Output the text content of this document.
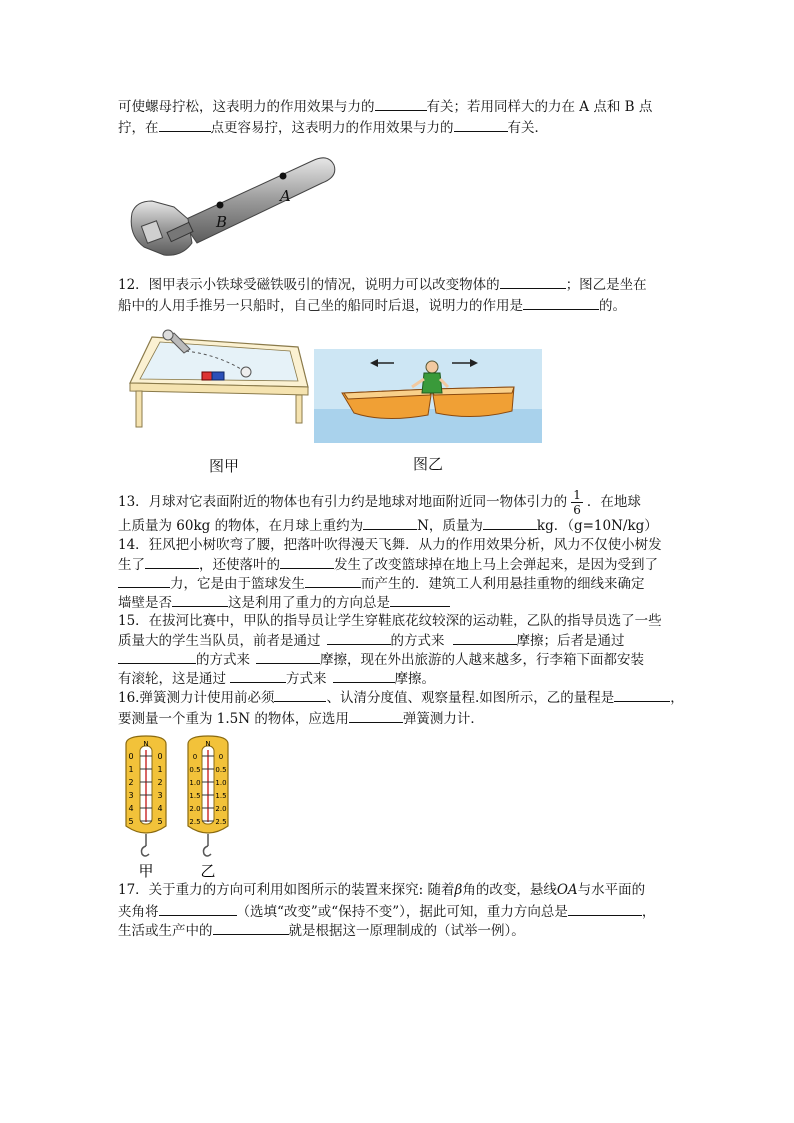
可使螺母拧松，这表明力的作用效果与力的	有关；若用同样大的力在 A 点和 B 点
拧，在	点更容易拧，这表明力的作用效果与力的	有关．
A
B
12．图甲表示小铁球受磁铁吸引的情况，说明力可以改变物体的	；图乙是坐在
船中的人用手推另一只船时，自己坐的船同时后退，说明力的作用是	的。
图甲	图乙
13．月球对它表面附近的物体也有引力约是地球对地面附近同一物体引力的 $\frac{1}{6}$ ．在地球
上质量为 60kg 的物体，在月球上重约为	N，质量为	kg．（g=10N/kg）
14．狂风把小树吹弯了腰，把落叶吹得漫天飞舞．从力的作用效果分析，风力不仅使小树发
生了	，还使落叶的	发生了改变篮球掉在地上马上会弹起来，是因为受到了
力，它是由于篮球发生	而产生的．建筑工人利用悬挂重物的细线来确定
墙壁是否	这是利用了重力的方向总是
15．在拔河比赛中，甲队的指导员让学生穿鞋底花纹较深的运动鞋，乙队的指导员选了一些
质量大的学生当队员，前者是通过	的方式来	摩擦；后者是通过
的方式来	摩擦，现在外出旅游的人越来越多，行李箱下面都安装
有滚轮，这是通过	方式来	摩擦。
16.弹簧测力计使用前必须	、认清分度值、观察量程.如图所示，乙的量程是	，
要测量一个重为 1.5N 的物体，应选用	弹簧测力计．
N
0
1
2
3
4
5
0
1
2
3
4
5
N
0
0.5
1.0
1.5
2.0
2.5
0
0.5
1.0
1.5
2.0
2.5
甲	乙
17．关于重力的方向可利用如图所示的装置来探究: 随着β角的改变，悬线OA与水平面的
夹角将	（选填“改变”或“保持不变”），据此可知，重力方向总是	，
生活或生产中的	就是根据这一原理制成的（试举一例）。
